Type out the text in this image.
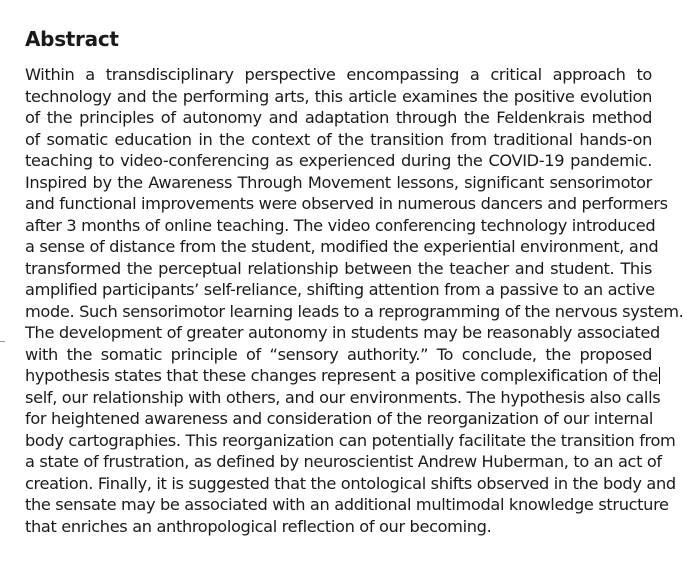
Abstract

Within a transdisciplinary perspective encompassing a critical approach to
technology and the performing arts, this article examines the positive evolution
of the principles of autonomy and adaptation through the Feldenkrais method
of somatic education in the context of the transition from traditional hands-on
teaching to video-conferencing as experienced during the COVID-19 pandemic.
Inspired by the Awareness Through Movement lessons, significant sensorimotor
and functional improvements were observed in numerous dancers and performers
after 3 months of online teaching. The video conferencing technology introduced
a sense of distance from the student, modified the experiential environment, and
transformed the perceptual relationship between the teacher and student. This
amplified participants’ self-reliance, shifting attention from a passive to an active
mode. Such sensorimotor learning leads to a reprogramming of the nervous system.
The development of greater autonomy in students may be reasonably associated
with the somatic principle of “sensory authority.” To conclude, the proposed
hypothesis states that these changes represent a positive complexification of the
self, our relationship with others, and our environments. The hypothesis also calls
for heightened awareness and consideration of the reorganization of our internal
body cartographies. This reorganization can potentially facilitate the transition from
a state of frustration, as defined by neuroscientist Andrew Huberman, to an act of
creation. Finally, it is suggested that the ontological shifts observed in the body and
the sensate may be associated with an additional multimodal knowledge structure
that enriches an anthropological reflection of our becoming.
